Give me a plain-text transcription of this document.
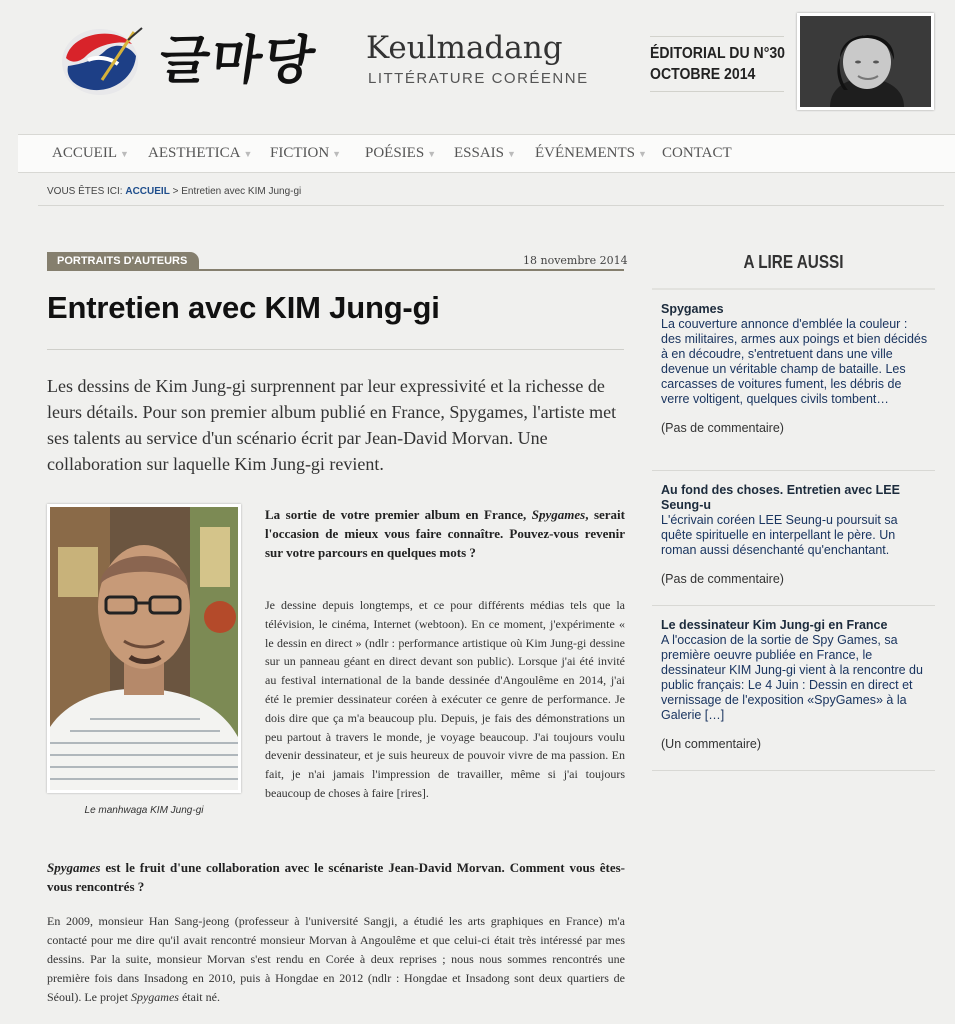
글마당 Keulmadang
LITTÉRATURE CORÉENNE
ÉDITORIAL DU N°30
OCTOBRE 2014
ACCUEIL ▼ AESTHETICA ▼ FICTION ▼ POÉSIES ▼ ESSAIS ▼ ÉVÉNEMENTS ▼ CONTACT
VOUS ÊTES ICI: ACCUEIL > Entretien avec KIM Jung-gi
PORTRAITS D'AUTEURS	18 novembre 2014
Entretien avec KIM Jung-gi

Les dessins de Kim Jung-gi surprennent par leur expressivité et la richesse de leurs détails. Pour son premier album publié en France, Spygames, l'artiste met ses talents au service d'un scénario écrit par Jean-David Morvan. Une collaboration sur laquelle Kim Jung-gi revient.

Le manhwaga KIM Jung-gi

La sortie de votre premier album en France, Spygames, serait l'occasion de mieux vous faire connaître. Pouvez-vous revenir sur votre parcours en quelques mots ?

Je dessine depuis longtemps, et ce pour différents médias tels que la télévision, le cinéma, Internet (webtoon). En ce moment, j'expérimente « le dessin en direct » (ndlr : performance artistique où Kim Jung-gi dessine sur un panneau géant en direct devant son public). Lorsque j'ai été invité au festival international de la bande dessinée d'Angoulême en 2014, j'ai été le premier dessinateur coréen à exécuter ce genre de performance. Je dois dire que ça m'a beaucoup plu. Depuis, je fais des démonstrations un peu partout à travers le monde, je voyage beaucoup. J'ai toujours voulu devenir dessinateur, et je suis heureux de pouvoir vivre de ma passion. En fait, je n'ai jamais l'impression de travailler, même si j'ai toujours beaucoup de choses à faire [rires].

Spygames est le fruit d'une collaboration avec le scénariste Jean-David Morvan. Comment vous êtes-vous rencontrés ?

En 2009, monsieur Han Sang-jeong (professeur à l'université Sangji, a étudié les arts graphiques en France) m'a contacté pour me dire qu'il avait rencontré monsieur Morvan à Angoulême et que celui-ci était très intéressé par mes dessins. Par la suite, monsieur Morvan s'est rendu en Corée à deux reprises ; nous nous sommes rencontrés une première fois dans Insadong en 2010, puis à Hongdae en 2012 (ndlr : Hongdae et Insadong sont deux quartiers de Séoul). Le projet Spygames était né.

A LIRE AUSSI
Spygames
La couverture annonce d'emblée la couleur : des militaires, armes aux poings et bien décidés à en découdre, s'entretuent dans une ville devenue un véritable champ de bataille. Les carcasses de voitures fument, les débris de verre voltigent, quelques civils tombent…
(Pas de commentaire)
Au fond des choses. Entretien avec LEE Seung-u
L'écrivain coréen LEE Seung-u poursuit sa quête spirituelle en interpellant le père. Un roman aussi désenchanté qu'enchantant.
(Pas de commentaire)
Le dessinateur Kim Jung-gi en France
A l'occasion de la sortie de Spy Games, sa première oeuvre publiée en France, le dessinateur KIM Jung-gi vient à la rencontre du public français: Le 4 Juin : Dessin en direct et vernissage de l'exposition «SpyGames» à la Galerie […]
(Un commentaire)
